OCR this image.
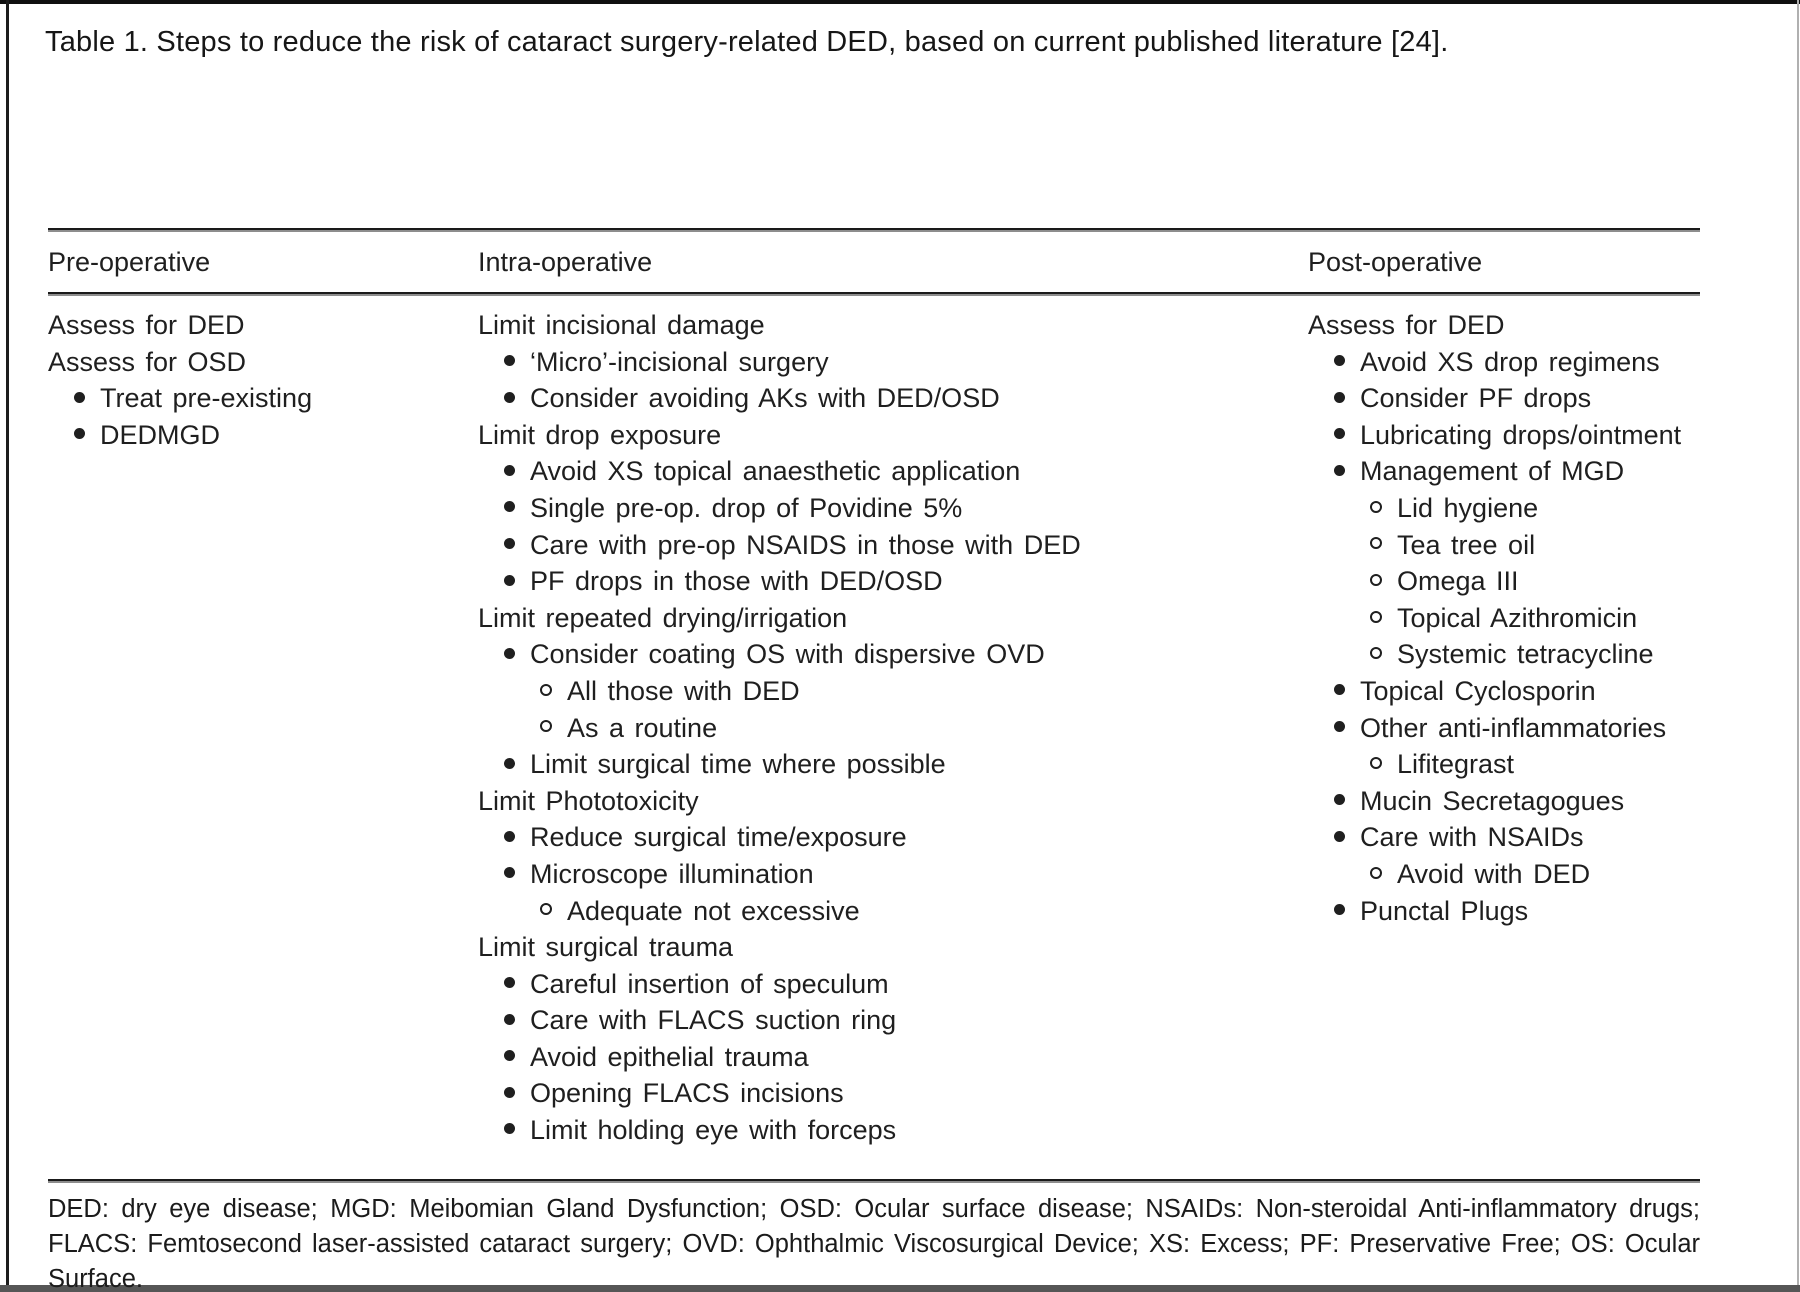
Table 1. Steps to reduce the risk of cataract surgery-related DED, based on current published literature [24].
Pre-operative	Intra-operative	Post-operative
Assess for DED
Assess for OSD
Treat pre-existing
DEDMGD
Limit incisional damage
‘Micro’-incisional surgery
Consider avoiding AKs with DED/OSD
Limit drop exposure
Avoid XS topical anaesthetic application
Single pre-op. drop of Povidine 5%
Care with pre-op NSAIDS in those with DED
PF drops in those with DED/OSD
Limit repeated drying/irrigation
Consider coating OS with dispersive OVD
All those with DED
As a routine
Limit surgical time where possible
Limit Phototoxicity
Reduce surgical time/exposure
Microscope illumination
Adequate not excessive
Limit surgical trauma
Careful insertion of speculum
Care with FLACS suction ring
Avoid epithelial trauma
Opening FLACS incisions
Limit holding eye with forceps
Assess for DED
Avoid XS drop regimens
Consider PF drops
Lubricating drops/ointment
Management of MGD
Lid hygiene
Tea tree oil
Omega III
Topical Azithromicin
Systemic tetracycline
Topical Cyclosporin
Other anti-inflammatories
Lifitegrast
Mucin Secretagogues
Care with NSAIDs
Avoid with DED
Punctal Plugs
DED: dry eye disease; MGD: Meibomian Gland Dysfunction; OSD: Ocular surface disease; NSAIDs: Non-steroidal Anti-inflammatory drugs; FLACS: Femtosecond laser-assisted cataract surgery; OVD: Ophthalmic Viscosurgical Device; XS: Excess; PF: Preservative Free; OS: Ocular Surface.
